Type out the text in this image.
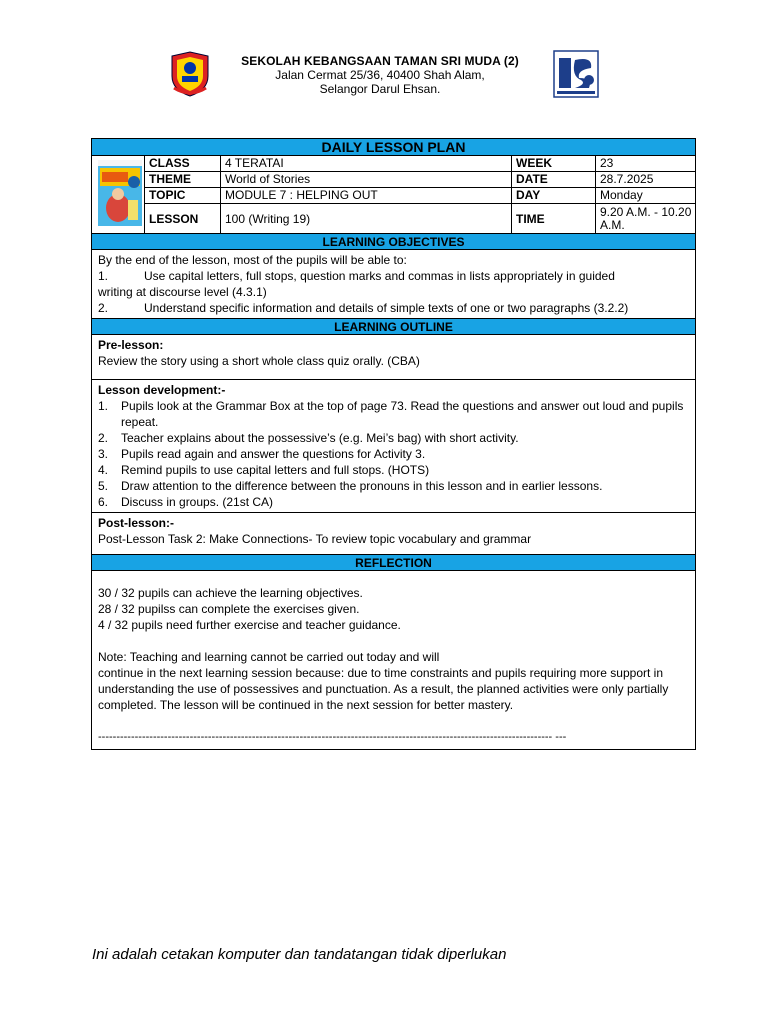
SEKOLAH KEBANGSAAN TAMAN SRI MUDA (2)
Jalan Cermat 25/36, 40400 Shah Alam,
Selangor Darul Ehsan.
DAILY LESSON PLAN
CLASS	4 TERATAI	WEEK	23
THEME	World of Stories	DATE	28.7.2025
TOPIC	MODULE 7 : HELPING OUT	DAY	Monday
LESSON	100 (Writing 19)	TIME	9.20 A.M. - 10.20 A.M.
LEARNING OBJECTIVES
By the end of the lesson, most of the pupils will be able to:
1.	Use capital letters, full stops, question marks and commas in lists appropriately in guided
writing at discourse level (4.3.1)
2.	Understand specific information and details of simple texts of one or two paragraphs (3.2.2)
LEARNING OUTLINE
Pre-lesson:
Review the story using a short whole class quiz orally. (CBA)
Lesson development:-
1.	Pupils look at the Grammar Box at the top of page 73. Read the questions and answer out loud and pupils repeat.
2.	Teacher explains about the possessive’s (e.g. Mei’s bag) with short activity.
3.	Pupils read again and answer the questions for Activity 3.
4.	Remind pupils to use capital letters and full stops. (HOTS)
5.	Draw attention to the difference between the pronouns in this lesson and in earlier lessons.
6.	Discuss in groups. (21st CA)
Post-lesson:-
Post-Lesson Task 2: Make Connections- To review topic vocabulary and grammar
REFLECTION
30 / 32 pupils can achieve the learning objectives.
28 / 32 pupilss can complete the exercises given.
4 / 32 pupils need further exercise and teacher guidance.
Note: Teaching and learning cannot be carried out today and will
continue in the next learning session because: due to time constraints and pupils requiring more support in understanding the use of possessives and punctuation. As a result, the planned activities were only partially completed. The lesson will be continued in the next session for better mastery.
---------------------------------------------------------------------------------------------------------------------------- ---
Ini adalah cetakan komputer dan tandatangan tidak diperlukan
